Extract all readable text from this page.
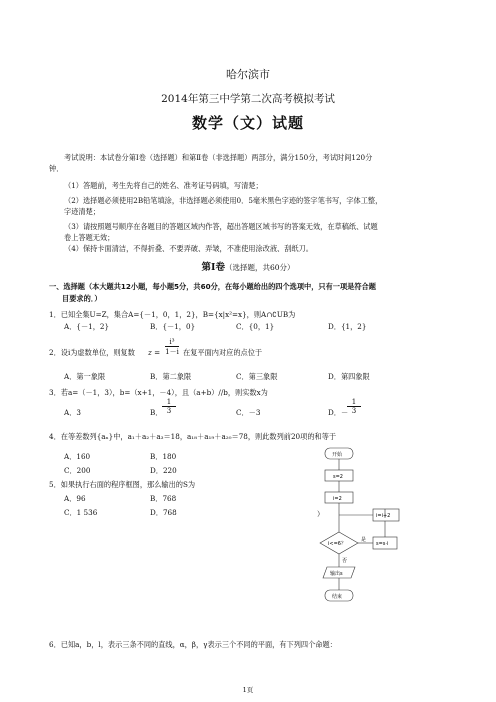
哈尔滨市
2014年第三中学第二次高考模拟考试
数学（文）试题
考试说明：本试卷分第Ⅰ卷（选择题）和第Ⅱ卷（非选择题）两部分，满分150分，考试时间120分
钟．
（1）答题前，考生先将自己的姓名、准考证号码填，写清楚；
（2）选择题必须使用2B铅笔填涂，非选择题必须使用0．5毫米黑色字迹的签字笔书写，字体工整，
字迹清楚；
（3）请按照题号顺序在各题目的答题区域内作答，超出答题区域书写的答案无效，在草稿纸、试题
卷上答题无效；
（4）保持卡面清洁，不得折叠、不要弄破、弄皱，不准使用涂改液、刮纸刀。
第Ⅰ卷（选择题，共60分）
一、选择题（本大题共12小题，每小题5分，共60分，在每小题给出的四个选项中，只有一项是符合题
目要求的．）
1．已知全集U=Z，集合A={－1，0，1，2}，B={x|x²=x}，则A∩∁UB为
A．{－1，2}	B．{－1，0}	C．{0，1}	D．{1，2}
2．设i为虚数单位，则复数 z =
i³
1－i 在复平面内对应的点位于
A．第一象限	B．第二象限	C．第三象限	D．第四象限
3．若a=（－1，3），b=（x+1，－4），且（a+b）//b，则实数x为
A．3	B．
1
3	C．－3	D．－
1
3
4．在等差数列{aₙ}中，a₁＋a₂＋a₃＝18，a₁₈＋a₁₉＋a₂₀＝78，则此数列前20项的和等于
A．160	B．180
C．200	D．220
5．如果执行右面的程序框图，那么输出的S为
A．96	B．768
C．1 536	D．768
开始
s=2
i=2
i<=6？
是
否
s=s·i
i=i+2
输出s
结束
）
6．已知a，b，l，表示三条不同的直线，α，β，γ表示三个不同的平面，有下列四个命题：
1页
